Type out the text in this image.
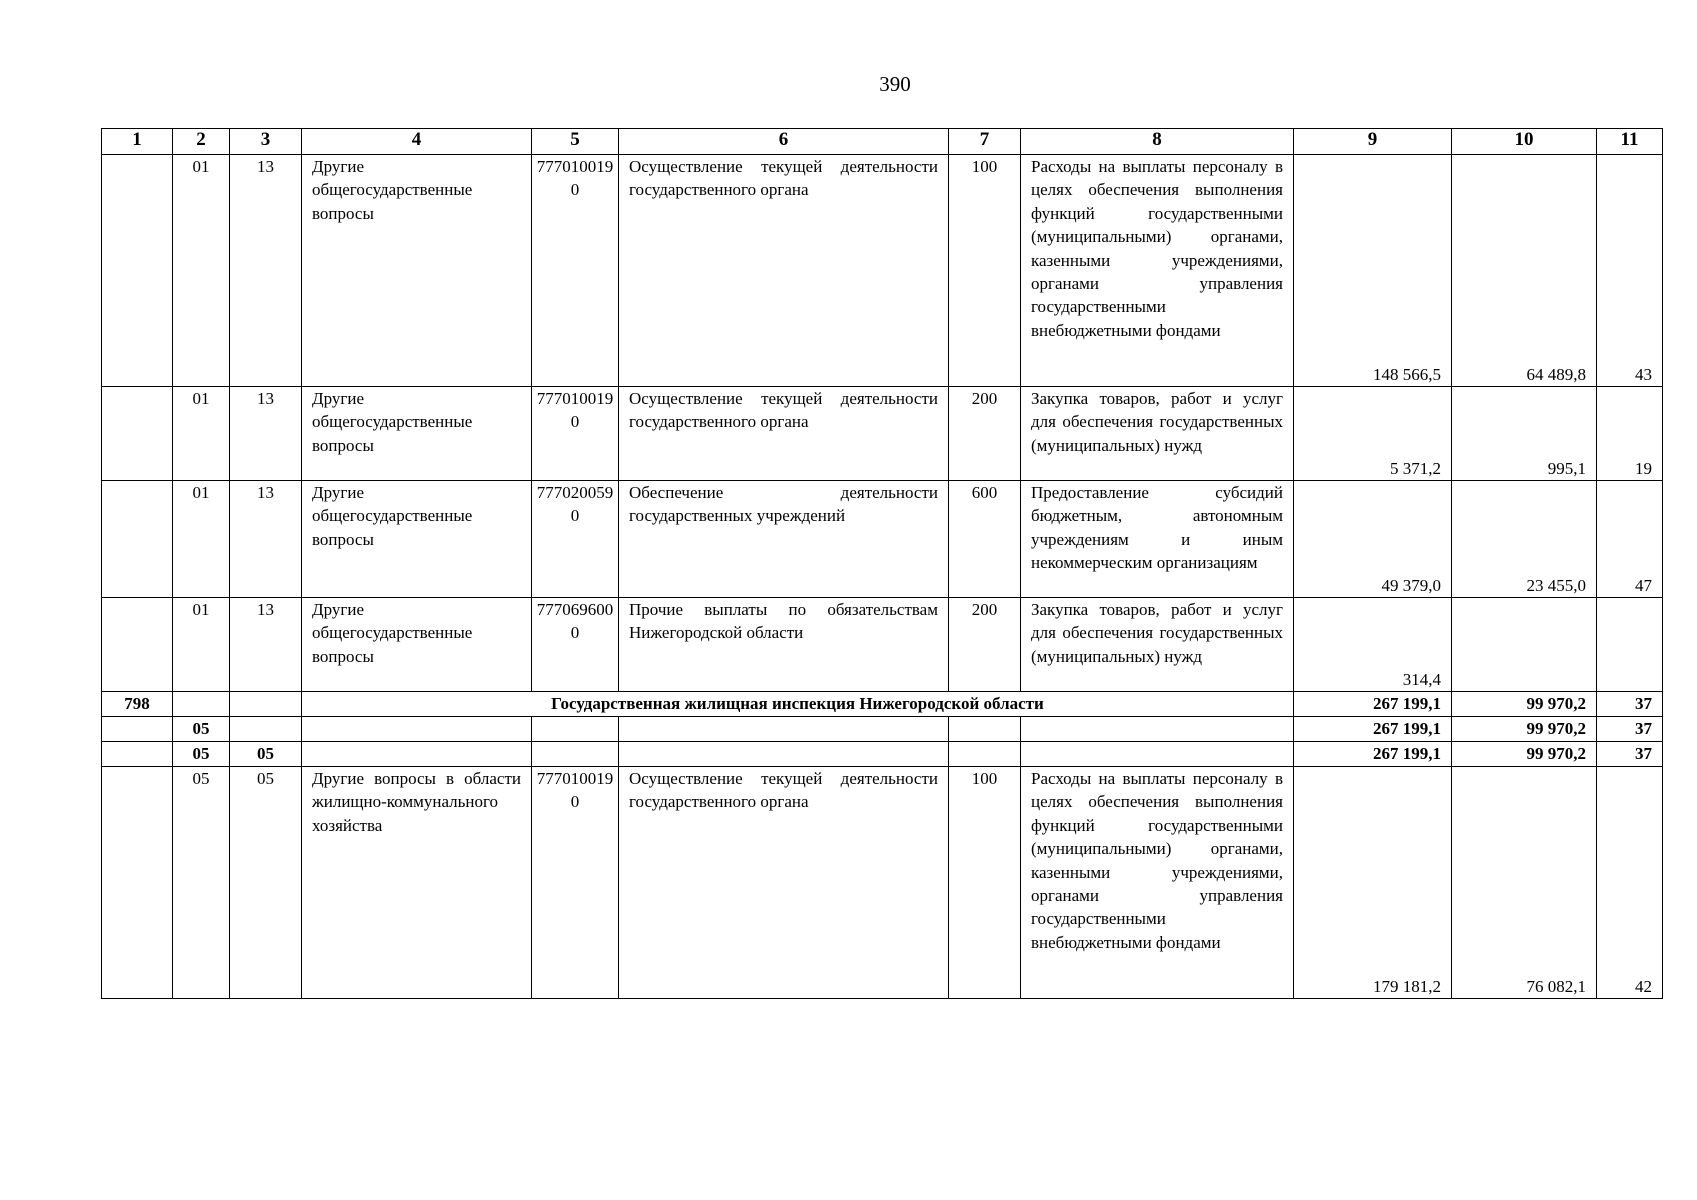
390
1	2	3	4	5	6	7	8	9	10	11
	01	13	Другие общегосударственные вопросы	7770100190	Осуществление текущей деятельности государственного органа	100	Расходы на выплаты персоналу в целях обеспечения выполнения функций государственными (муниципальными) органами, казенными учреждениями, органами управления государственными внебюджетными фондами	148 566,5	64 489,8	43
	01	13	Другие общегосударственные вопросы	7770100190	Осуществление текущей деятельности государственного органа	200	Закупка товаров, работ и услуг для обеспечения государственных (муниципальных) нужд	5 371,2	995,1	19
	01	13	Другие общегосударственные вопросы	7770200590	Обеспечение деятельности государственных учреждений	600	Предоставление субсидий бюджетным, автономным учреждениям и иным некоммерческим организациям	49 379,0	23 455,0	47
	01	13	Другие общегосударственные вопросы	7770696000	Прочие выплаты по обязательствам Нижегородской области	200	Закупка товаров, работ и услуг для обеспечения государственных (муниципальных) нужд	314,4		
798			Государственная жилищная инспекция Нижегородской области					267 199,1	99 970,2	37
	05							267 199,1	99 970,2	37
	05	05						267 199,1	99 970,2	37
	05	05	Другие вопросы в области жилищно-коммунального хозяйства	7770100190	Осуществление текущей деятельности государственного органа	100	Расходы на выплаты персоналу в целях обеспечения выполнения функций государственными (муниципальными) органами, казенными учреждениями, органами управления государственными внебюджетными фондами	179 181,2	76 082,1	42
